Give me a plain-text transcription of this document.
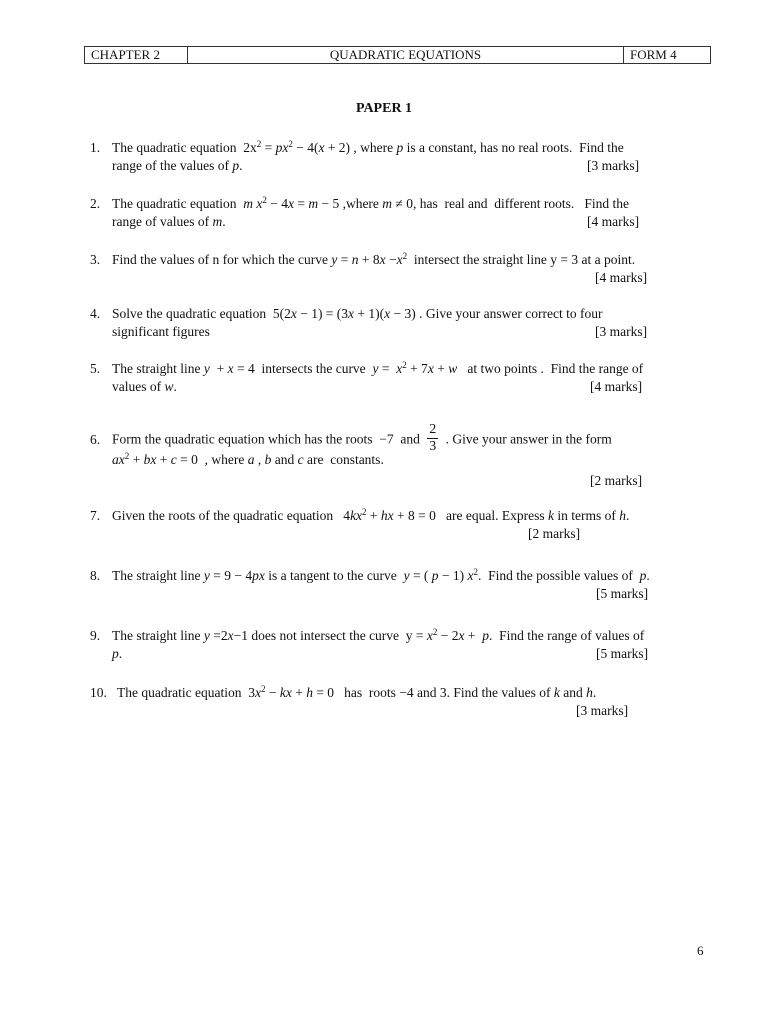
CHAPTER 2	QUADRATIC EQUATIONS	FORM 4
PAPER 1
1. The quadratic equation  $2x^2 = px^2 - 4(x + 2)$ , where p is a constant, has no real roots.  Find the
range of the values of p.	[3 marks]
2. The quadratic equation  m $x^2 - 4x = m - 5$ ,where m ≠ 0, has  real and  different roots.   Find the
range of values of m.	[4 marks]
3. Find the values of n for which the curve $y = n + 8x -x^2$  intersect the straight line y = 3 at a point.
[4 marks]
4. Solve the quadratic equation  5(2x − 1) = (3x + 1)(x − 3) . Give your answer correct to four
significant figures	[3 marks]
5. The straight line y  + x = 4  intersects the curve  $y = x^2 + 7x + w$   at two points .  Find the range of
values of w.	[4 marks]
6. Form the quadratic equation which has the roots  −7  and $\frac{2}{3}$ . Give your answer in the form
$ax^2$ + bx + c = 0  , where a , b and c are  constants.
[2 marks]
7. Given the roots of the quadratic equation   $4kx^2$ + hx + 8 = 0   are equal. Express k in terms of h.
[2 marks]
8. The straight line y = 9 − 4px is a tangent to the curve  y = ( p − 1) $x^2$.  Find the possible values of  p.
[5 marks]
9. The straight line y =2x−1 does not intersect the curve  $y = x^2 - 2x + p$.  Find the range of values of
p.	[5 marks]
10. The quadratic equation  $3x^2$ − kx + h = 0   has  roots −4 and 3. Find the values of k and h.
[3 marks]
6
